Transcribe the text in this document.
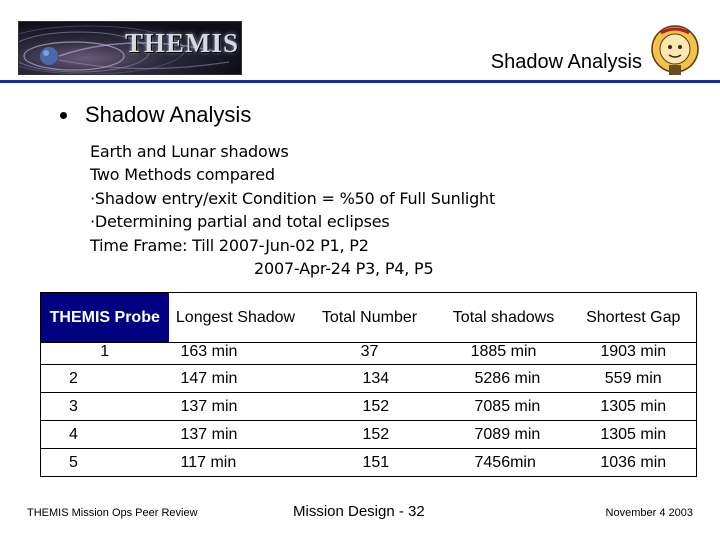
THEMIS
Shadow Analysis
Shadow Analysis
Earth and Lunar shadows
Two Methods compared
·Shadow entry/exit Condition = %50 of Full Sunlight
·Determining partial and total eclipses
Time Frame: Till 2007-Jun-02 P1, P2
2007-Apr-24 P3, P4, P5
THEMIS Probe	Longest Shadow	Total Number	Total shadows	Shortest Gap
1	163 min	37	1885 min	1903 min
2	147 min	134	5286 min	559 min
3	137 min	152	7085 min	1305 min
4	137 min	152	7089 min	1305 min
5	117 min	151	7456min	1036 min
THEMIS Mission Ops Peer Review	Mission Design - 32	November 4 2003
